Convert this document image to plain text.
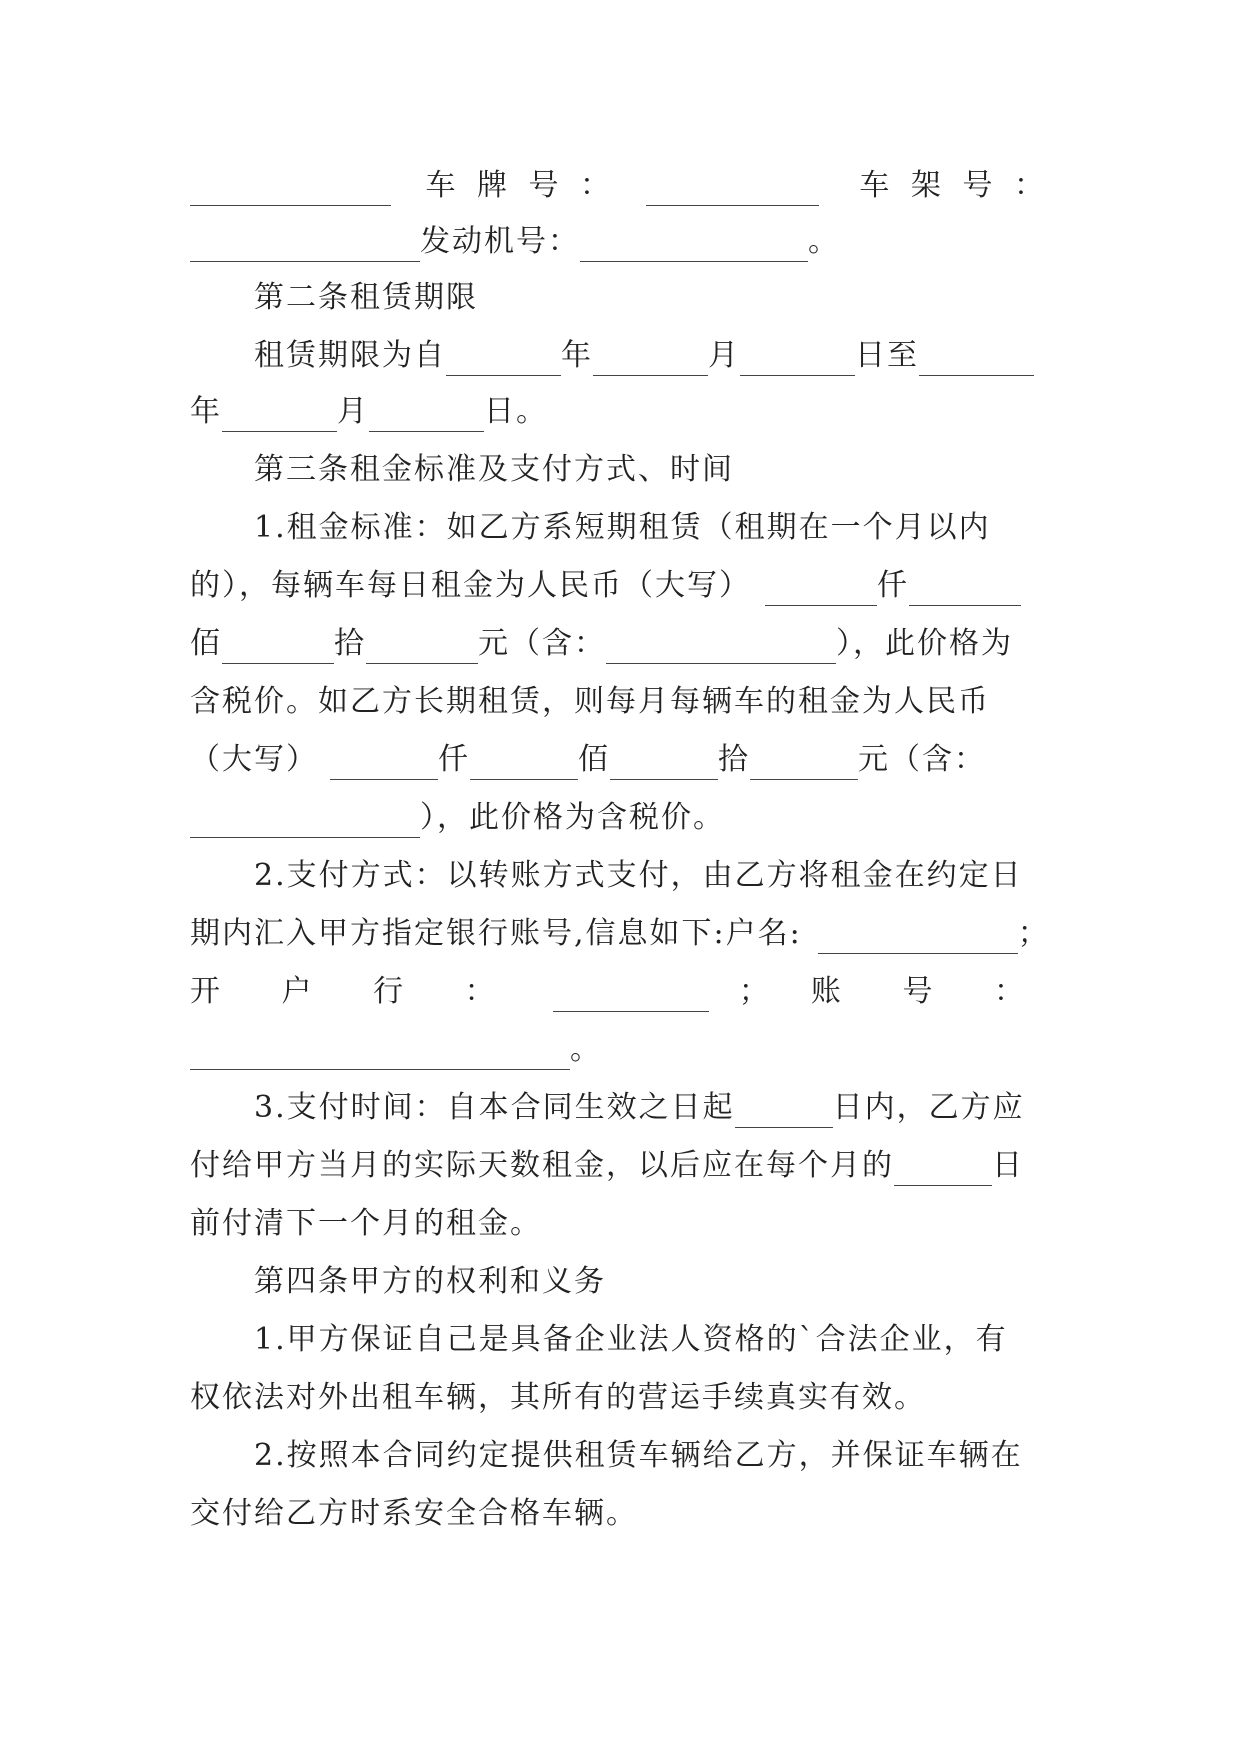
车 牌 号 ：	车 架 号 ：
发动机号：	。
第二条租赁期限
租赁期限为自	年	月	日至
年	月	日。
第三条租金标准及支付方式、时间
1.租金标准：如乙方系短期租赁（租期在一个月以内
的），每辆车每日租金为人民币（大写）	仟
佰	拾	元（含：	），此价格为
含税价。如乙方长期租赁，则每月每辆车的租金为人民币
（大写）	仟	佰	拾	元（含：
），此价格为含税价。
2.支付方式：以转账方式支付，由乙方将租金在约定日
期内汇入甲方指定银行账号,信息如下:户名:	；
开 户 行 ：	； 账 号 ：
。
3.支付时间：自本合同生效之日起	日内，乙方应
付给甲方当月的实际天数租金，以后应在每个月的	日
前付清下一个月的租金。
第四条甲方的权利和义务
1.甲方保证自己是具备企业法人资格的`合法企业，有
权依法对外出租车辆，其所有的营运手续真实有效。
2.按照本合同约定提供租赁车辆给乙方，并保证车辆在
交付给乙方时系安全合格车辆。
